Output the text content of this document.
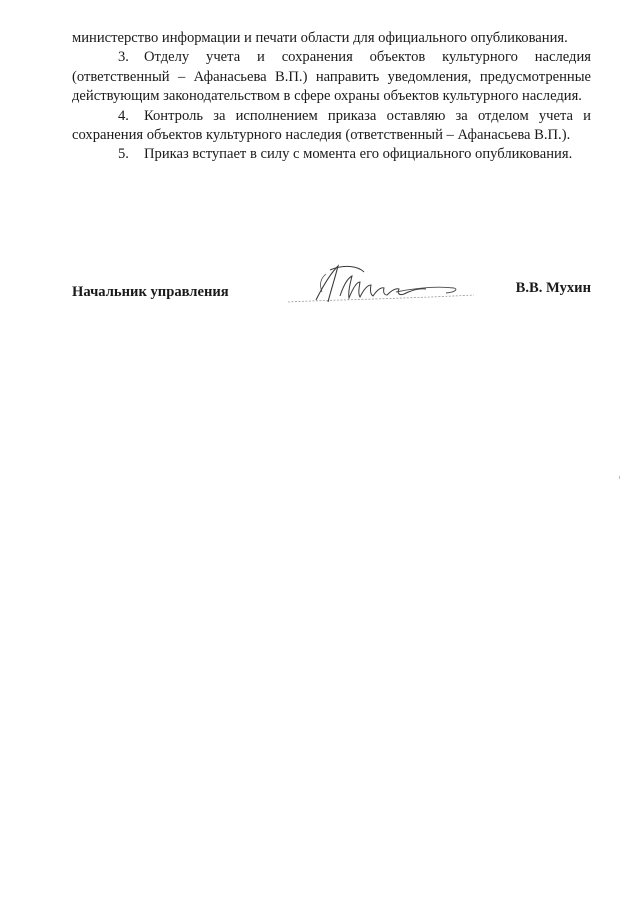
министерство информации и печати области для официального опубликования.

3. Отделу учета и сохранения объектов культурного наследия (ответственный – Афанасьева В.П.) направить уведомления, предусмотренные действующим законодательством в сфере охраны объектов культурного наследия.

4. Контроль за исполнением приказа оставляю за отделом учета и сохранения объектов культурного наследия (ответственный – Афанасьева В.П.).

5. Приказ вступает в силу с момента его официального опубликования.

Начальник управления	В.В. Мухин
